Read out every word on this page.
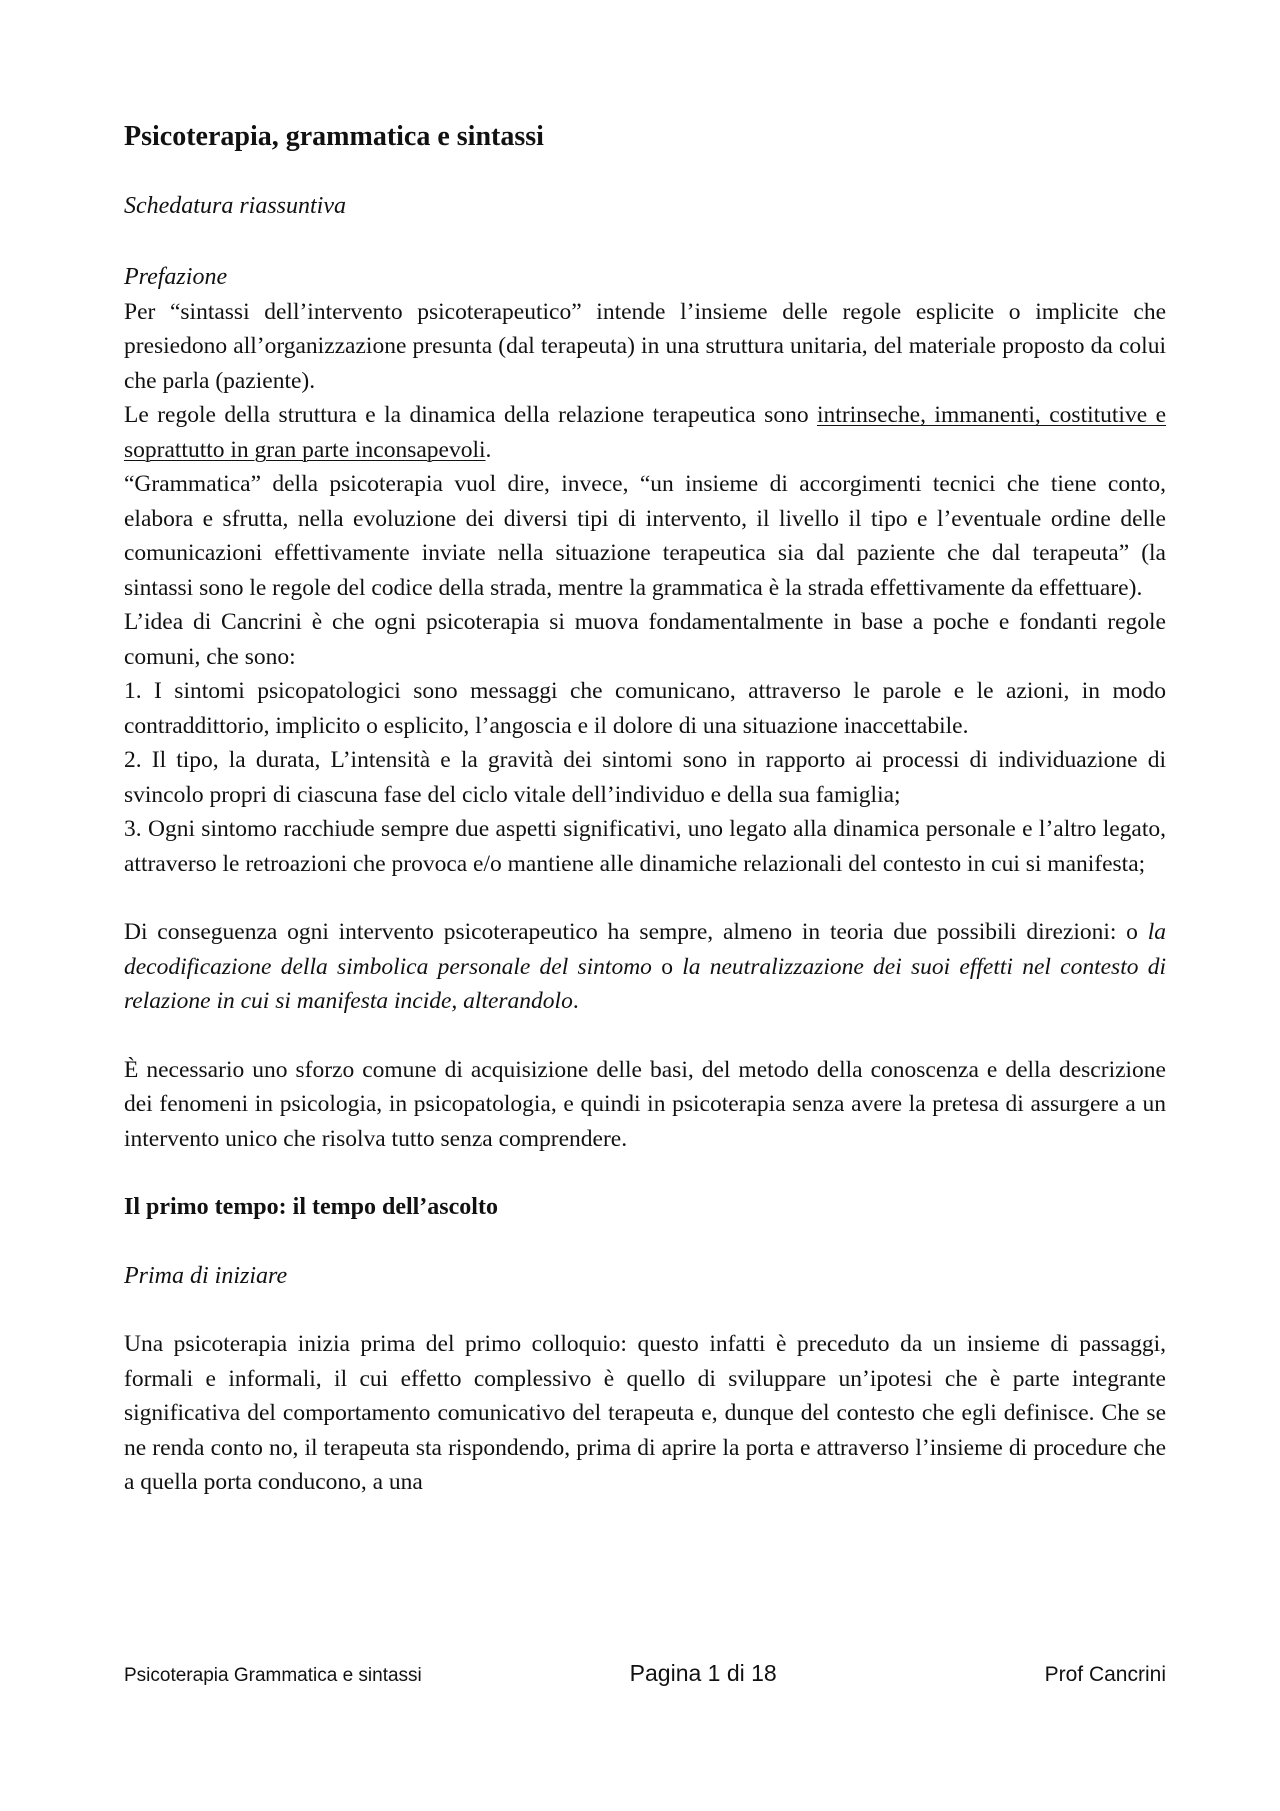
Psicoterapia, grammatica e sintassi

Schedatura riassuntiva

Prefazione

Per “sintassi dell’intervento psicoterapeutico” intende l’insieme delle regole esplicite o implicite che presiedono all’organizzazione presunta (dal terapeuta) in una struttura unitaria, del materiale proposto da colui che parla (paziente).

Le regole della struttura e la dinamica della relazione terapeutica sono intrinseche, immanenti, costitutive e soprattutto in gran parte inconsapevoli.

“Grammatica” della psicoterapia vuol dire, invece, “un insieme di accorgimenti tecnici che tiene conto, elabora e sfrutta, nella evoluzione dei diversi tipi di intervento, il livello il tipo e l’eventuale ordine delle comunicazioni effettivamente inviate nella situazione terapeutica sia dal paziente che dal terapeuta” (la sintassi sono le regole del codice della strada, mentre la grammatica è la strada effettivamente da effettuare).

L’idea di Cancrini è che ogni psicoterapia si muova fondamentalmente in base a poche e fondanti regole comuni, che sono:

1. I sintomi psicopatologici sono messaggi che comunicano, attraverso le parole e le azioni, in modo contraddittorio, implicito o esplicito, l’angoscia e il dolore di una situazione inaccettabile.

2. Il tipo, la durata, L’intensità e la gravità dei sintomi sono in rapporto ai processi di individuazione di svincolo propri di ciascuna fase del ciclo vitale dell’individuo e della sua famiglia;

3. Ogni sintomo racchiude sempre due aspetti significativi, uno legato alla dinamica personale e l’altro legato, attraverso le retroazioni che provoca e/o mantiene alle dinamiche relazionali del contesto in cui si manifesta;

Di conseguenza ogni intervento psicoterapeutico ha sempre, almeno in teoria due possibili direzioni: o la decodificazione della simbolica personale del sintomo o la neutralizzazione dei suoi effetti nel contesto di relazione in cui si manifesta incide, alterandolo.

È necessario uno sforzo comune di acquisizione delle basi, del metodo della conoscenza e della descrizione dei fenomeni in psicologia, in psicopatologia, e quindi in psicoterapia senza avere la pretesa di assurgere a un intervento unico che risolva tutto senza comprendere.

Il primo tempo: il tempo dell’ascolto

Prima di iniziare

Una psicoterapia inizia prima del primo colloquio: questo infatti è preceduto da un insieme di passaggi, formali e informali, il cui effetto complessivo è quello di sviluppare un’ipotesi che è parte integrante significativa del comportamento comunicativo del terapeuta e, dunque del contesto che egli definisce. Che se ne renda conto no, il terapeuta sta rispondendo, prima di aprire la porta e attraverso l’insieme di procedure che a quella porta conducono, a una

Psicoterapia Grammatica e sintassi	Pagina 1 di 18	Prof Cancrini
